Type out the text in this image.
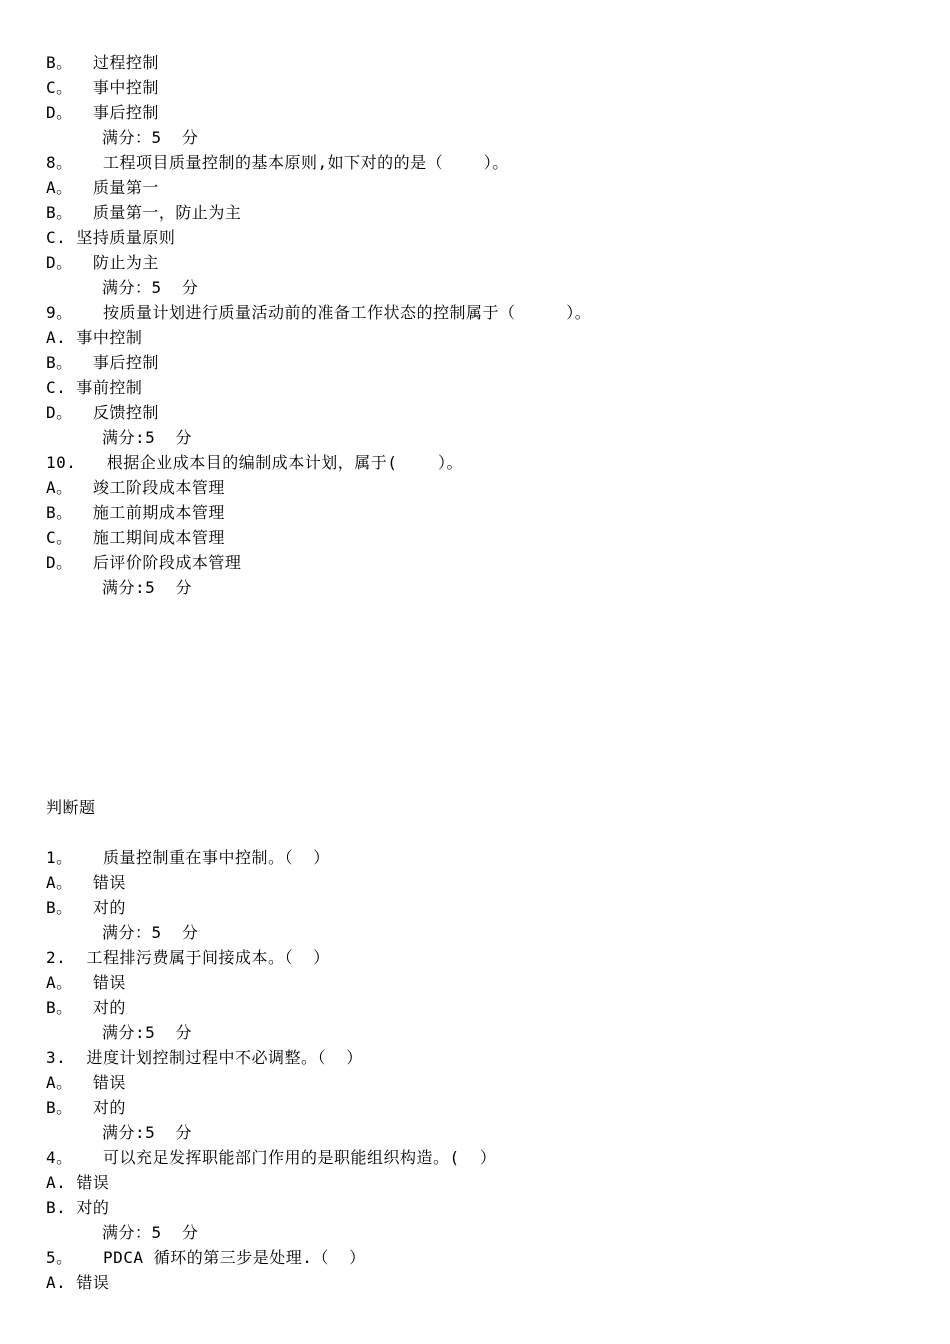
B。  过程控制
C。  事中控制
D。  事后控制
满分：5  分
8。   工程项目质量控制的基本原则,如下对的的是（    ）。
A。  质量第一
B。  质量第一，防止为主
C. 坚持质量原则
D。  防止为主
满分：5  分
9。   按质量计划进行质量活动前的准备工作状态的控制属于（     ）。
A. 事中控制
B。  事后控制
C. 事前控制
D。  反馈控制
满分:5  分
10.   根据企业成本目的编制成本计划，属于(    ）。
A。  竣工阶段成本管理
B。  施工前期成本管理
C。  施工期间成本管理
D。  后评价阶段成本管理
满分:5  分
判断题
1。   质量控制重在事中控制。（  ）
A。  错误
B。  对的
满分：5  分
2.  工程排污费属于间接成本。（  ）
A。  错误
B。  对的
满分:5  分
3.  进度计划控制过程中不必调整。（  ）
A。  错误
B。  对的
满分:5  分
4。   可以充足发挥职能部门作用的是职能组织构造。(  ）
A. 错误
B. 对的
满分：5  分
5。   PDCA 循环的第三步是处理.（  ）
A. 错误
